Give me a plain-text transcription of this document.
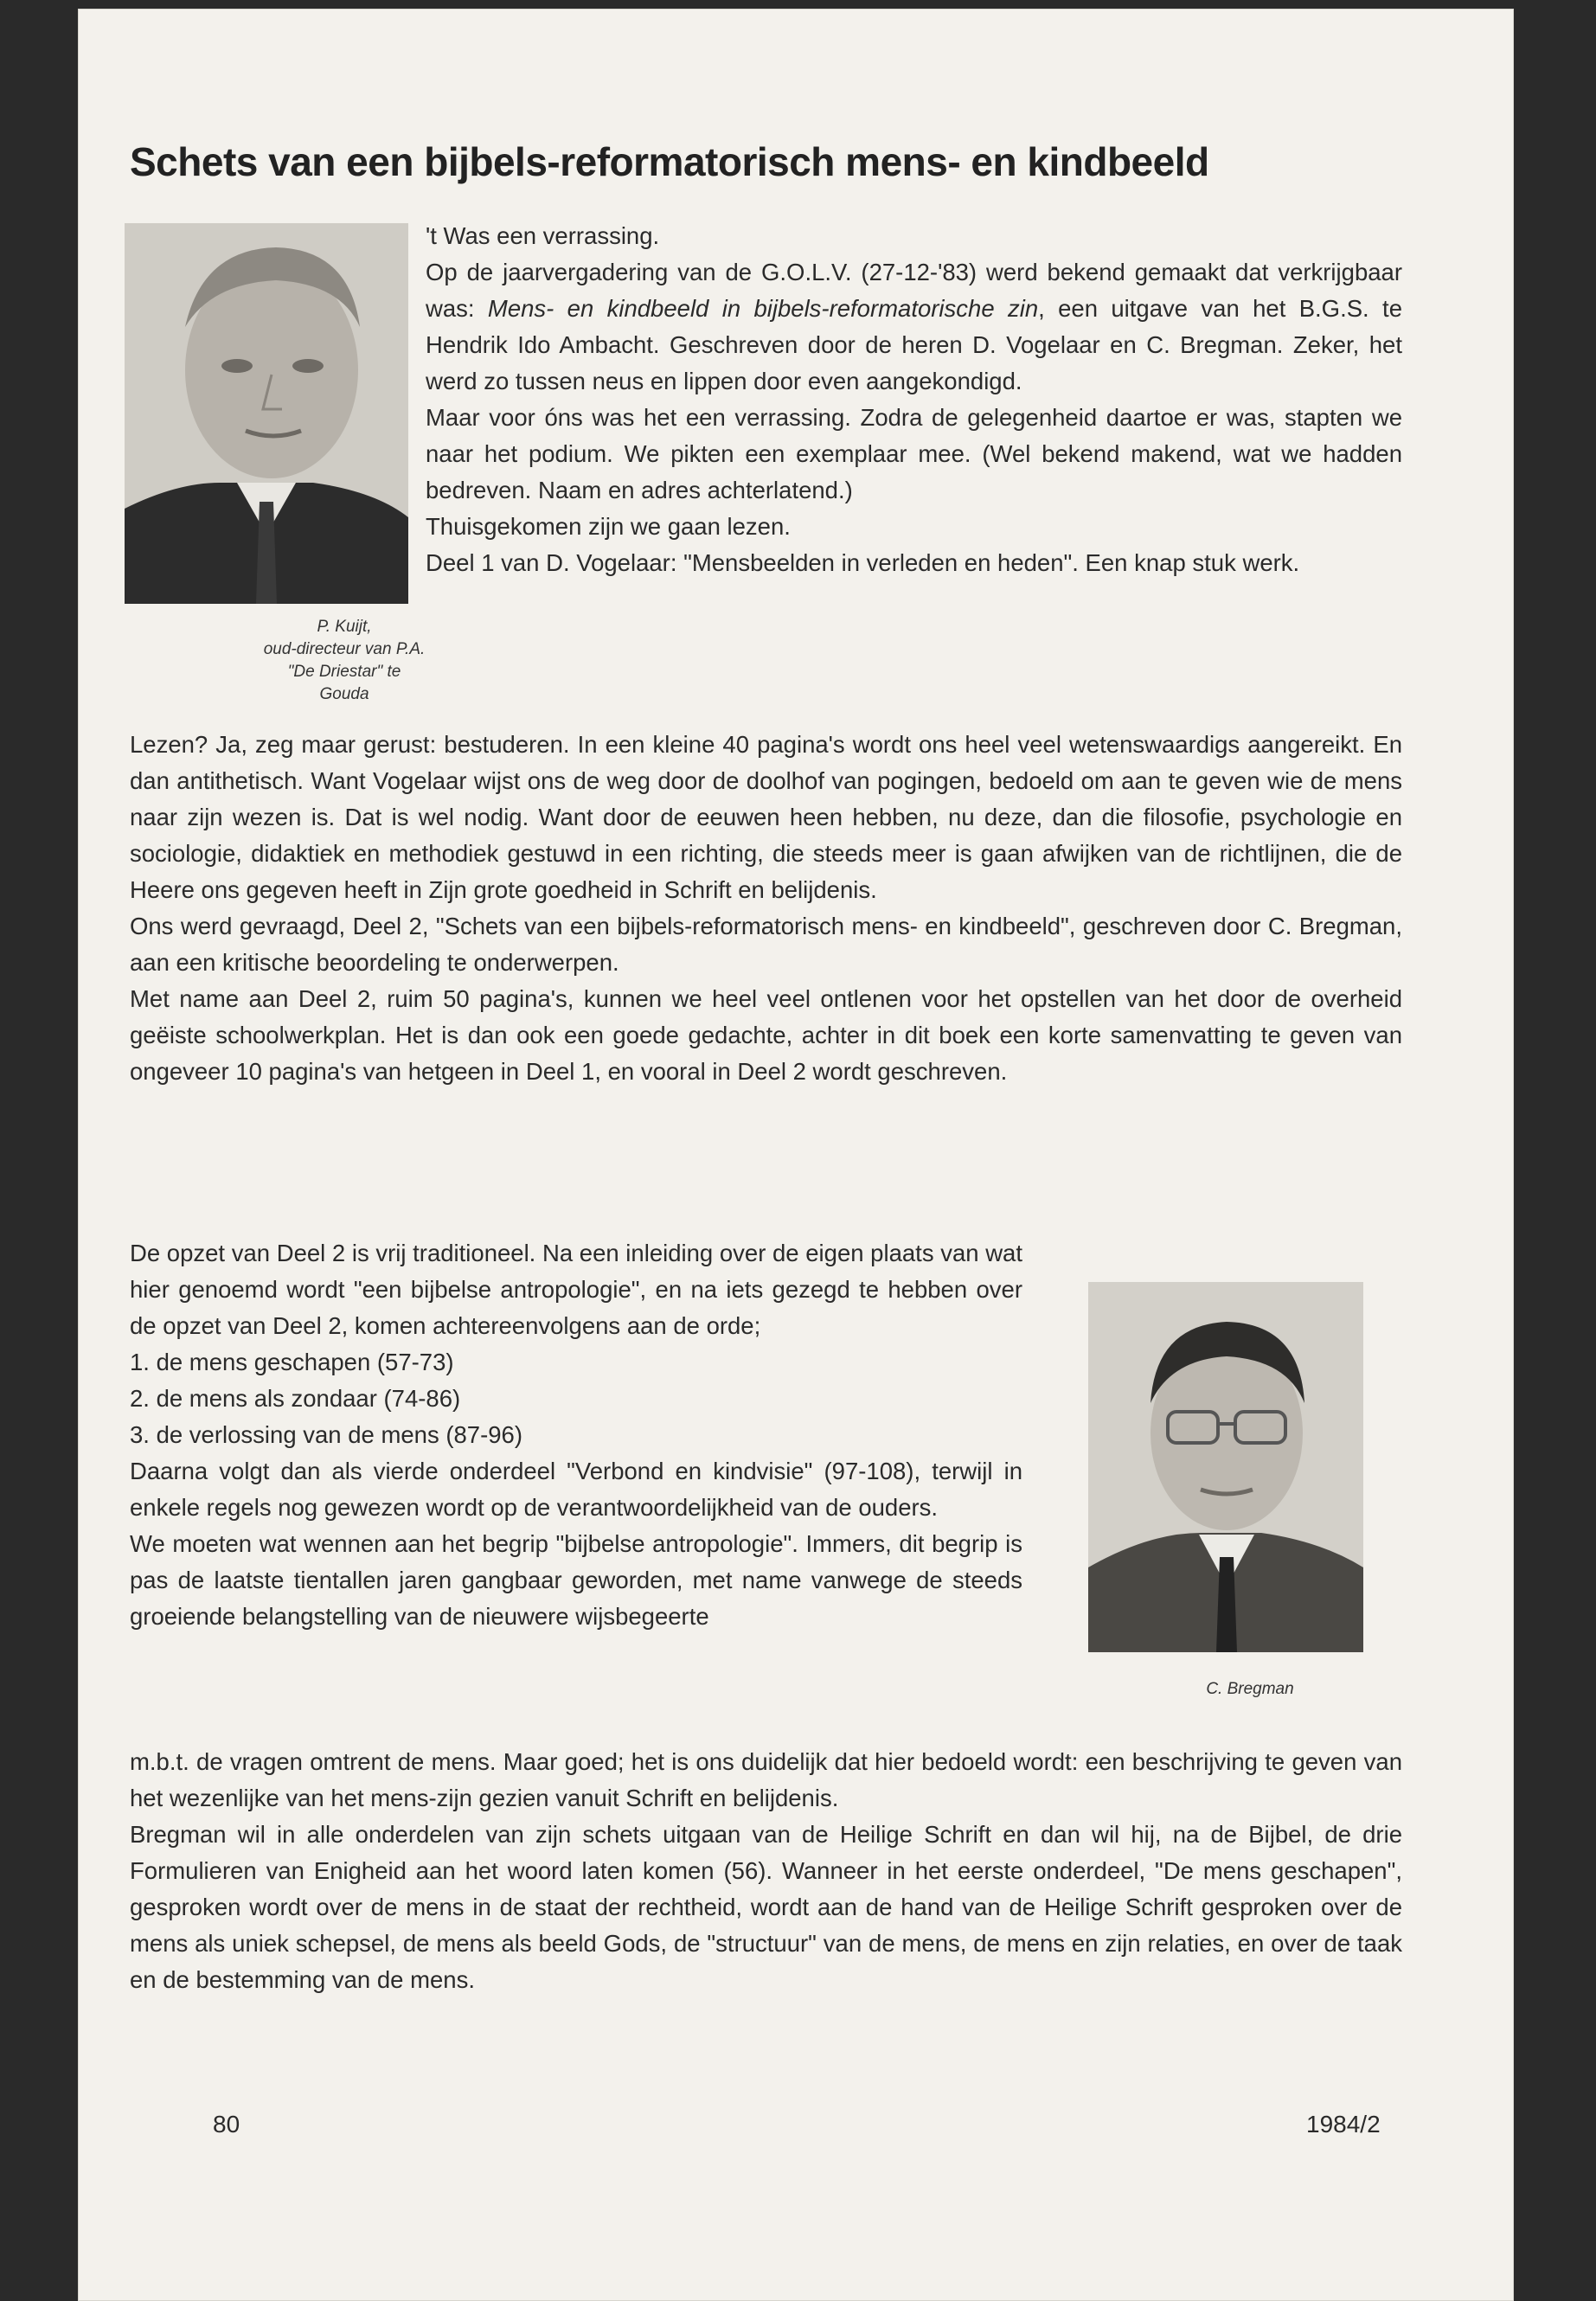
Schets van een bijbels-reformatorisch mens- en kindbeeld
P. Kuijt,
oud-directeur van P.A.
"De Driestar" te
Gouda

't Was een verrassing.

Op de jaarvergadering van de G.O.L.V. (27-12-'83) werd bekend gemaakt dat verkrijgbaar was: Mens- en kindbeeld in bijbels-reformatorische zin, een uitgave van het B.G.S. te Hendrik Ido Ambacht. Geschreven door de heren D. Vogelaar en C. Bregman. Zeker, het werd zo tussen neus en lippen door even aangekondigd.

Maar voor óns was het een verrassing. Zodra de gelegenheid daartoe er was, stapten we naar het podium. We pikten een exemplaar mee. (Wel bekend makend, wat we hadden bedreven. Naam en adres achterlatend.)

Thuisgekomen zijn we gaan lezen.

Deel 1 van D. Vogelaar: "Mensbeelden in verleden en heden". Een knap stuk werk.

Lezen? Ja, zeg maar gerust: bestuderen. In een kleine 40 pagina's wordt ons heel veel wetenswaardigs aangereikt. En dan antithetisch. Want Vogelaar wijst ons de weg door de doolhof van pogingen, bedoeld om aan te geven wie de mens naar zijn wezen is. Dat is wel nodig. Want door de eeuwen heen hebben, nu deze, dan die filosofie, psychologie en sociologie, didaktiek en methodiek gestuwd in een richting, die steeds meer is gaan afwijken van de richtlijnen, die de Heere ons gegeven heeft in Zijn grote goedheid in Schrift en belijdenis.

Ons werd gevraagd, Deel 2, "Schets van een bijbels-reformatorisch mens- en kindbeeld", geschreven door C. Bregman, aan een kritische beoordeling te onderwerpen.

Met name aan Deel 2, ruim 50 pagina's, kunnen we heel veel ontlenen voor het opstellen van het door de overheid geëiste schoolwerkplan. Het is dan ook een goede gedachte, achter in dit boek een korte samenvatting te geven van ongeveer 10 pagina's van hetgeen in Deel 1, en vooral in Deel 2 wordt geschreven.

De opzet van Deel 2 is vrij traditioneel. Na een inleiding over de eigen plaats van wat hier genoemd wordt "een bijbelse antropologie", en na iets gezegd te hebben over de opzet van Deel 2, komen achtereenvolgens aan de orde;

1. de mens geschapen (57-73)
2. de mens als zondaar (74-86)
3. de verlossing van de mens (87-96)

Daarna volgt dan als vierde onderdeel "Verbond en kindvisie" (97-108), terwijl in enkele regels nog gewezen wordt op de verantwoordelijkheid van de ouders.

We moeten wat wennen aan het begrip "bijbelse antropologie". Immers, dit begrip is pas de laatste tientallen jaren gangbaar geworden, met name vanwege de steeds groeiende belangstelling van de nieuwere wijsbegeerte

C. Bregman

m.b.t. de vragen omtrent de mens. Maar goed; het is ons duidelijk dat hier bedoeld wordt: een beschrijving te geven van het wezenlijke van het mens-zijn gezien vanuit Schrift en belijdenis.

Bregman wil in alle onderdelen van zijn schets uitgaan van de Heilige Schrift en dan wil hij, na de Bijbel, de drie Formulieren van Enigheid aan het woord laten komen (56). Wanneer in het eerste onderdeel, "De mens geschapen", gesproken wordt over de mens in de staat der rechtheid, wordt aan de hand van de Heilige Schrift gesproken over de mens als uniek schepsel, de mens als beeld Gods, de "structuur" van de mens, de mens en zijn relaties, en over de taak en de bestemming van de mens.

80	1984/2
